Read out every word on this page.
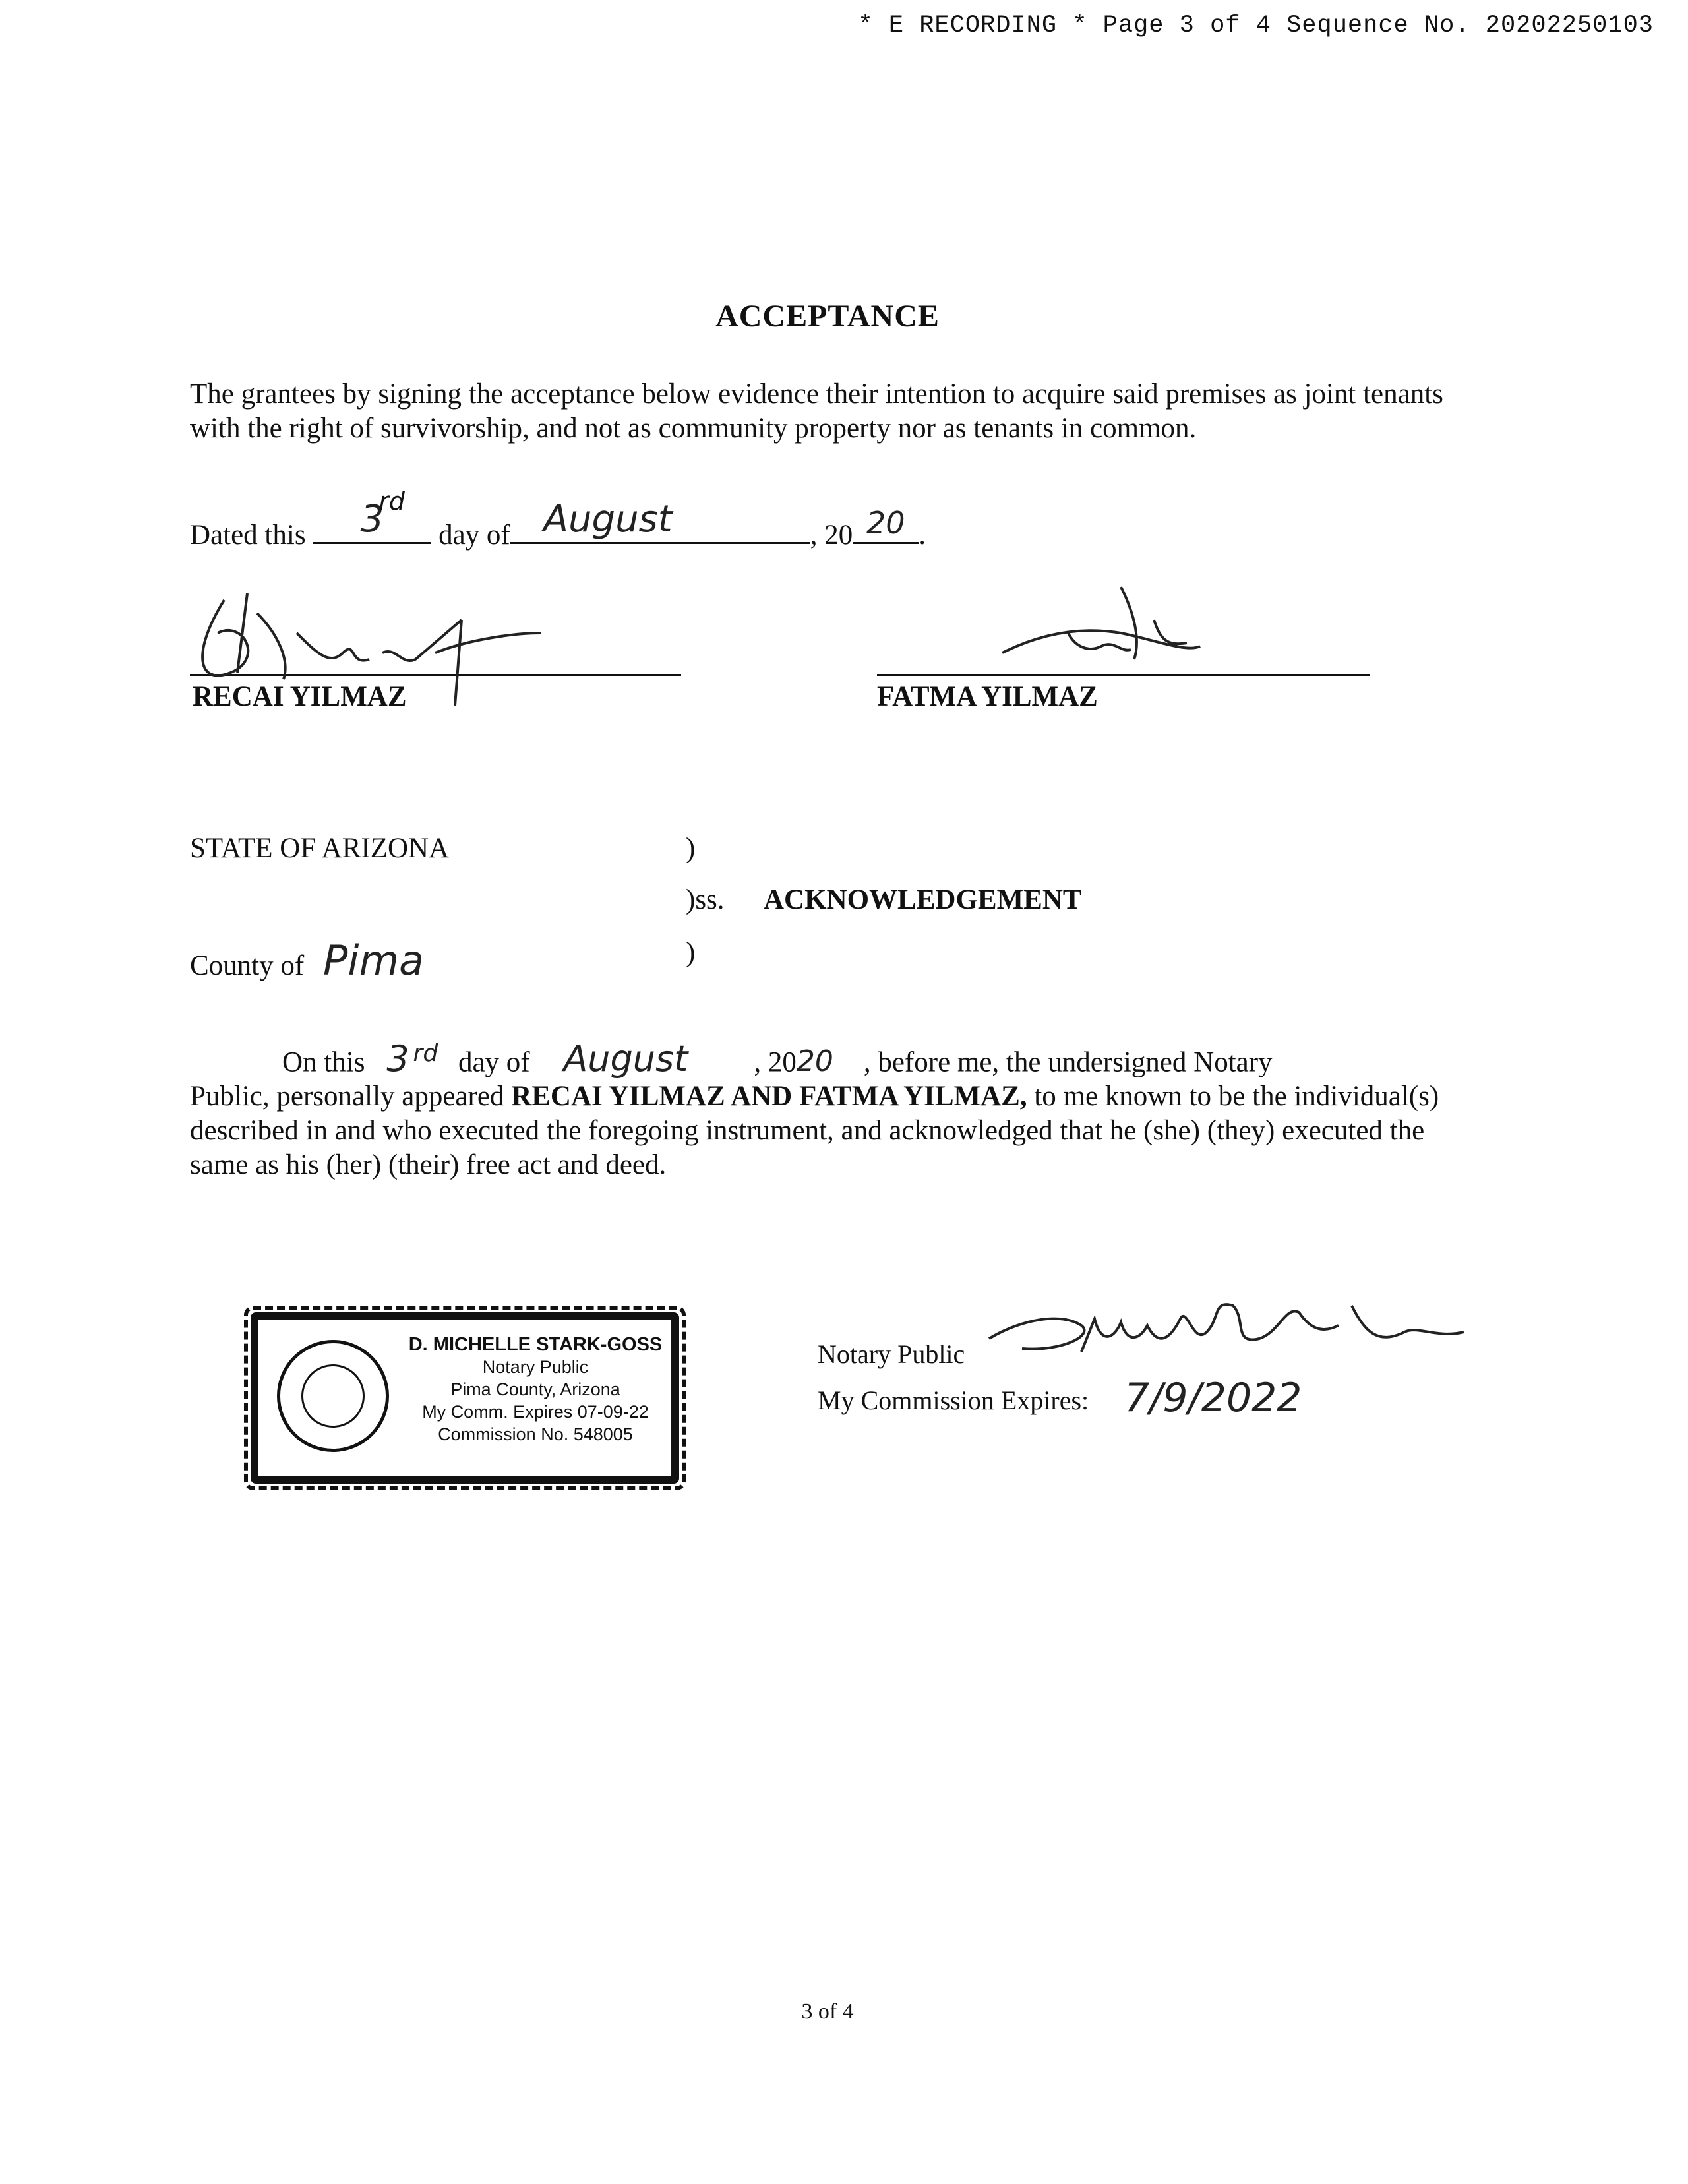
* E RECORDING * Page 3 of 4 Sequence No. 20202250103
ACCEPTANCE
The grantees by signing the acceptance below evidence their intention to acquire said premises as joint tenants with the right of survivorship, and not as community property nor as tenants in common.
Dated this	3
rd
day of August	, 20 20 .
RECAI YILMAZ	FATMA YILMAZ
STATE OF ARIZONA	)
)ss. ACKNOWLEDGEMENT
County of Pima	)
On this 3 $^{rd}$ day of August , 2020 , before me, the undersigned Notary
Public, personally appeared RECAI YILMAZ AND FATMA YILMAZ, to me known to be the individual(s) described in and who executed the foregoing instrument, and acknowledged that he (she) (they) executed the same as his (her) (their) free act and deed.
D. MICHELLE STARK-GOSS
Notary Public
Pima County, Arizona
My Comm. Expires 07-09-22
Commission No. 548005
Notary Public
My Commission Expires: 7/9/2022
3 of 4
